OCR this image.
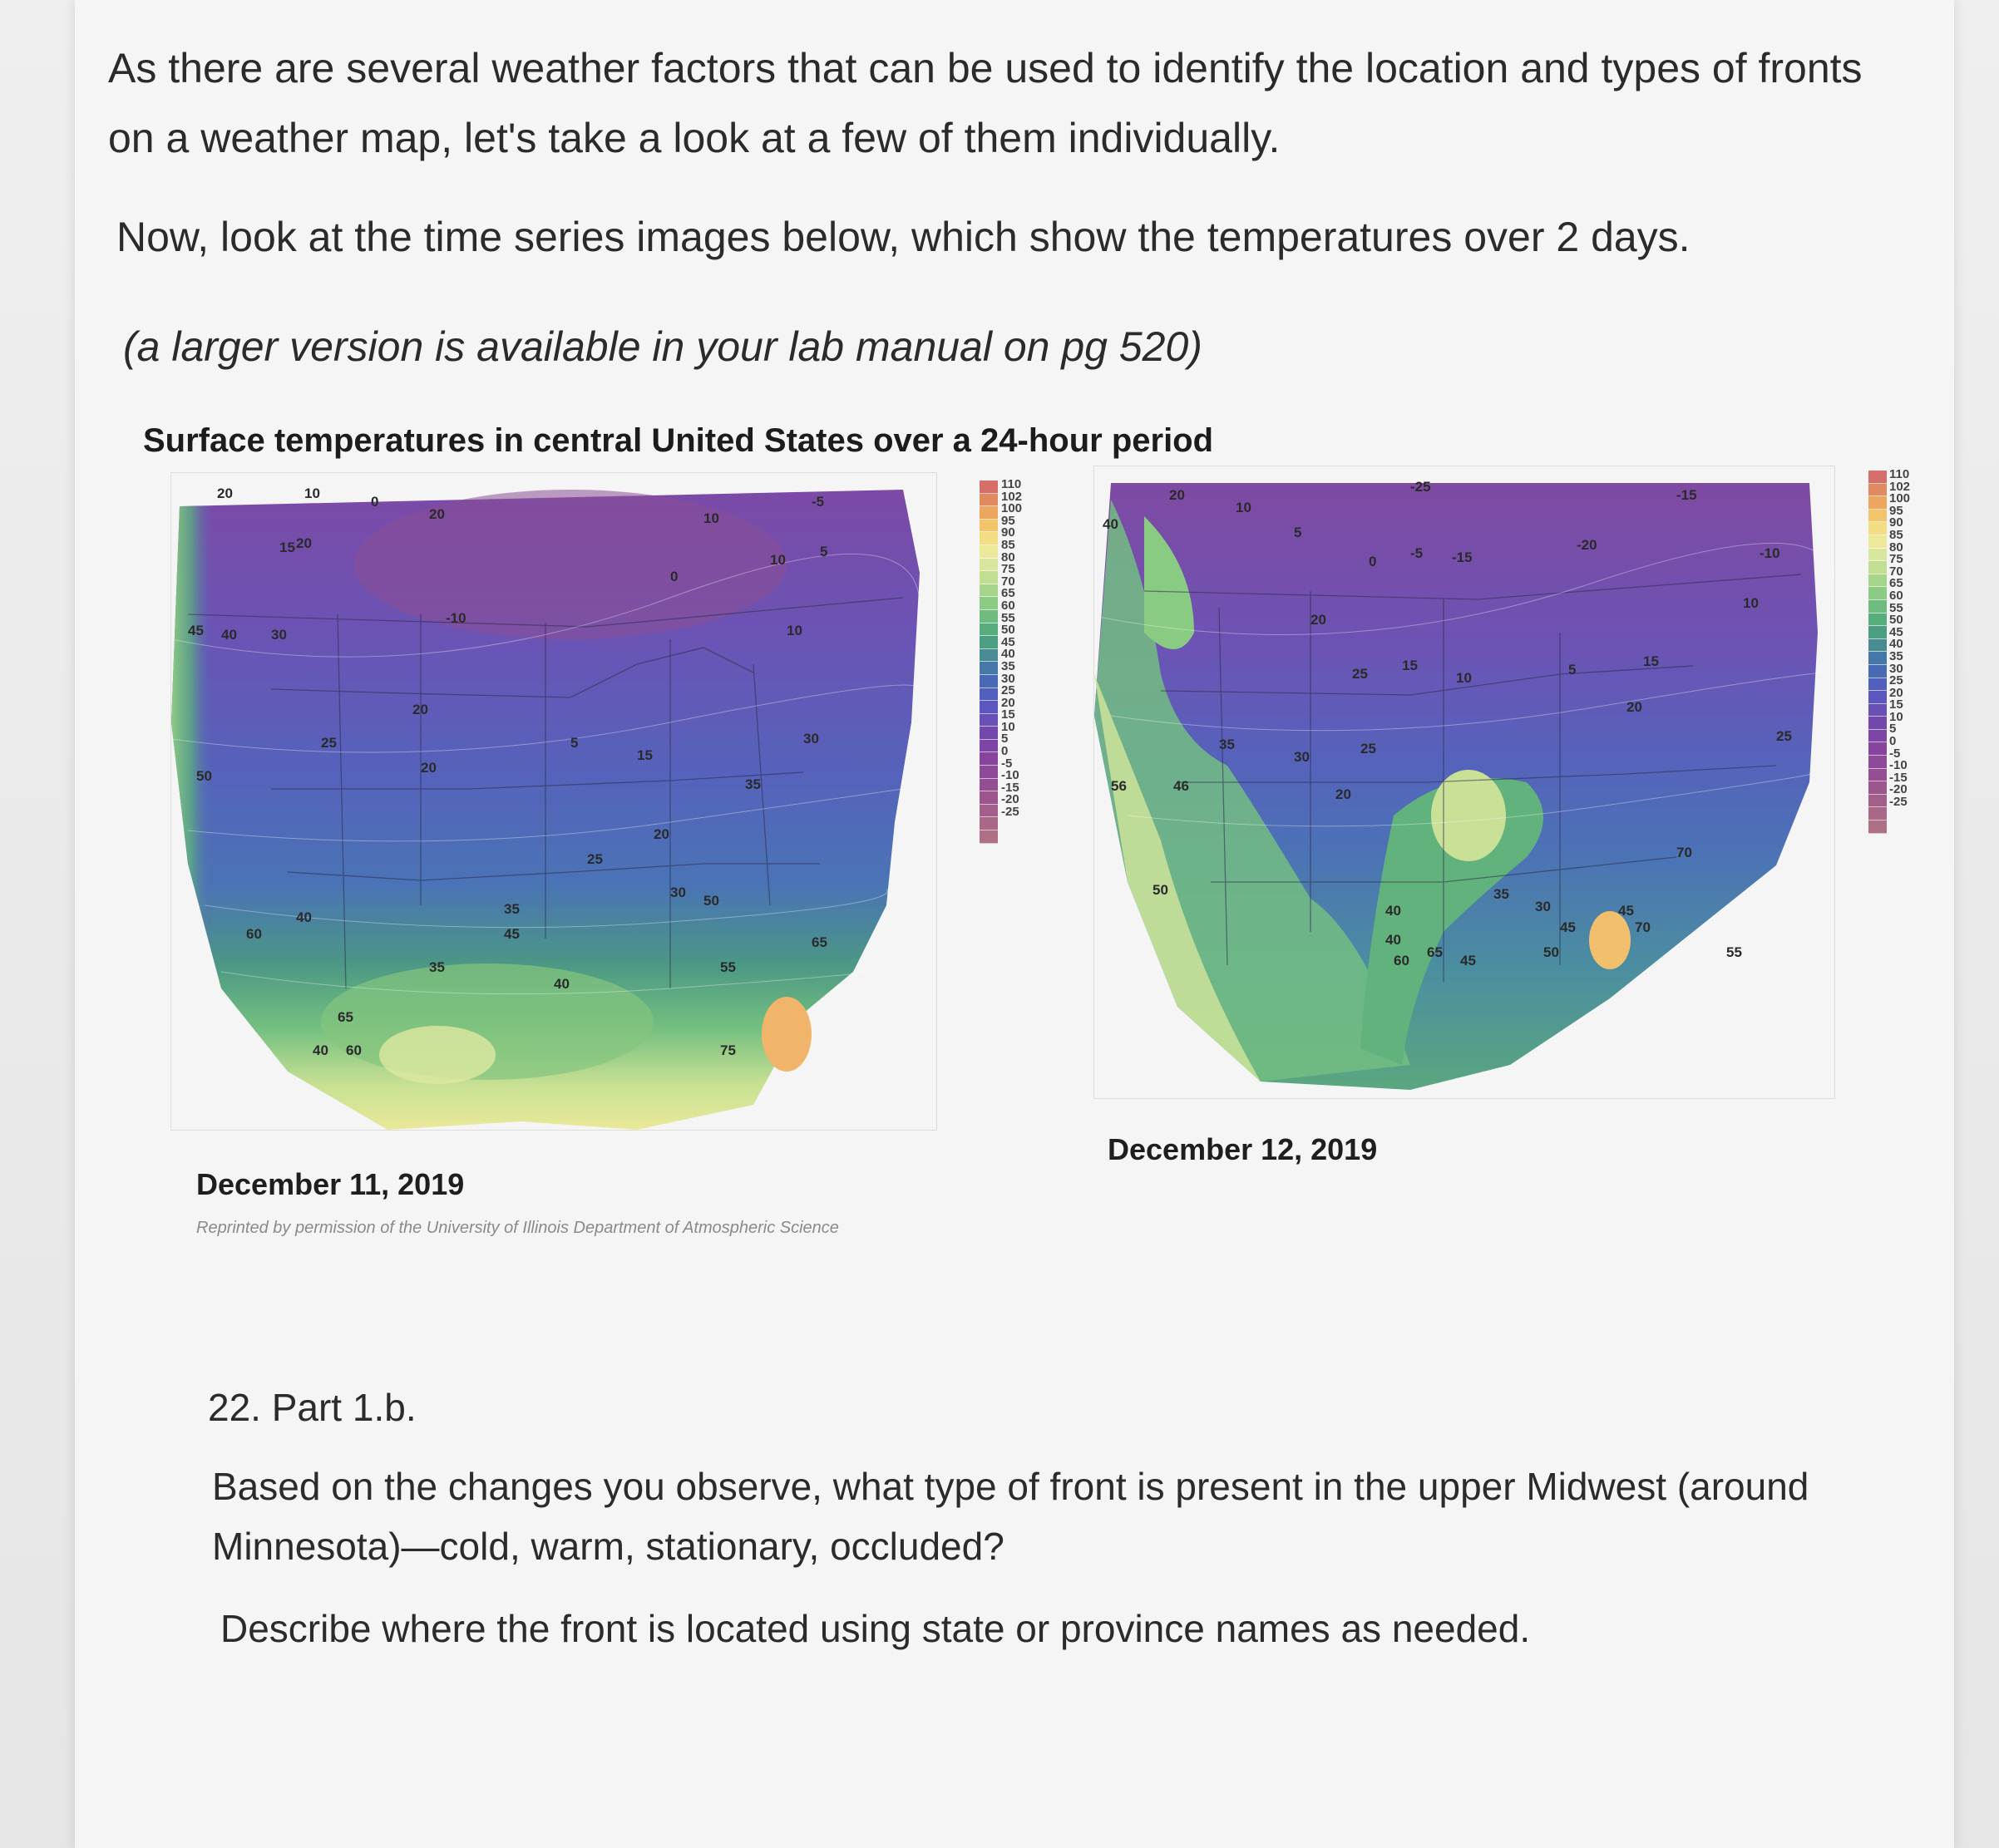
As there are several weather factors that can be used to identify the location and types of fronts on a weather map, let's take a look at a few of them individually.

Now, look at the time series images below, which show the temperatures over 2 days.

(a larger version is available in your lab manual on pg 520)

Surface temperatures in central United States over a 24-hour period
20	10
0
20	10
-5
20
0
5
10
-10
45 40 30
15
20
5
10
30
35
25
50
15
20
20
25
30
35
45
40
50
60
65
40
55
65
75
60
35
40
110
102
100
95
90
85
80
75
70
65
60
55
50
45
40
35
30
25
20
15
10
5
0
-5
-10
-15
-20
-25
20
10
-25
40
5
0
-5 -15
-20
-15
-10
20
10
25
15
10
5
20
15
35
30
25
20
56	46
40
35
30
50
45
40
60
65
45
50	55
70
70
45
25
110
102
100
95
90
85
80
75
70
65
60
55
50
45
40
35
30
25
20
15
10
5
0
-5
-10
-15
-20
-25
December 11, 2019
December 12, 2019
Reprinted by permission of the University of Illinois Department of Atmospheric Science
22. Part 1.b.

Based on the changes you observe, what type of front is present in the upper Midwest (around Minnesota)—cold, warm, stationary, occluded?

Describe where the front is located using state or province names as needed.
